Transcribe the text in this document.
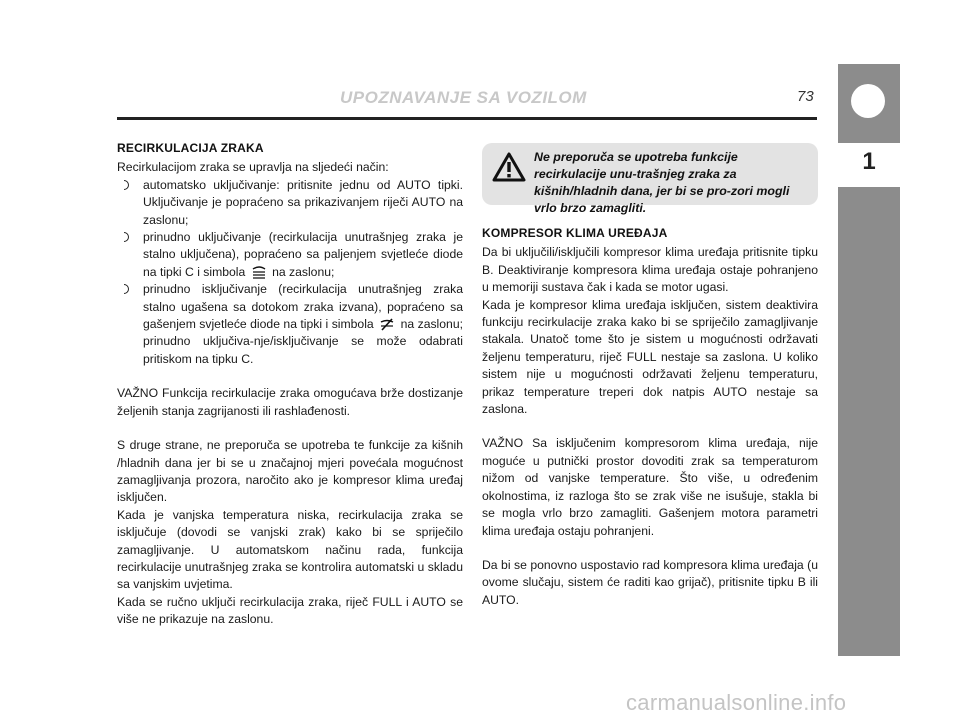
UPOZNAVANJE SA VOZILOM	73
1
RECIRKULACIJA ZRAKA

Recirkulacijom zraka se upravlja na sljedeći način:

automatsko uključivanje: pritisnite jednu od AUTO tipki. Uključivanje je popraćeno sa prikazivanjem riječi AUTO na zaslonu;
prinudno uključivanje (recirkulacija unutrašnjeg zraka je stalno uključena), popraćeno sa paljenjem svjetleće diode na tipki C i simbola na zaslonu;
prinudno isključivanje (recirkulacija unutrašnjeg zraka stalno ugašena sa dotokom zraka izvana), popraćeno sa gašenjem svjetleće diode na tipki i simbola na zaslonu; prinudno uključiva-nje/isključivanje se može odabrati pritiskom na tipku C.

VAŽNO Funkcija recirkulacije zraka omogućava brže dostizanje željenih stanja zagrijanosti ili rashlađenosti.

S druge strane, ne preporuča se upotreba te funkcije za kišnih /hladnih dana jer bi se u značajnoj mjeri povećala mogućnost zamagljivanja prozora, naročito ako je kompresor klima uređaj isključen.

Kada je vanjska temperatura niska, recirkulacija zraka se isključuje (dovodi se vanjski zrak) kako bi se spriječilo zamagljivanje. U automatskom načinu rada, funkcija recirkulacije unutrašnjeg zraka se kontrolira automatski u skladu sa vanjskim uvjetima.

Kada se ručno uključi recirkulacija zraka, riječ FULL i AUTO se više ne prikazuje na zaslonu.

Ne preporuča se upotreba funkcije recirkulacije unu-trašnjeg zraka za kišnih/hladnih dana, jer bi se pro-zori mogli vrlo brzo zamagliti.
KOMPRESOR KLIMA UREĐAJA

Da bi uključili/isključili kompresor klima uređaja pritisnite tipku B. Deaktiviranje kompresora klima uređaja ostaje pohranjeno u memoriji sustava čak i kada se motor ugasi.

Kada je kompresor klima uređaja isključen, sistem deaktivira funkciju recirkulacije zraka kako bi se spriječilo zamagljivanje stakala. Unatoč tome što je sistem u mogućnosti održavati željenu temperaturu, riječ FULL nestaje sa zaslona. U koliko sistem nije u mogućnosti održavati željenu temperaturu, prikaz temperature treperi dok natpis AUTO nestaje sa zaslona.

VAŽNO Sa isključenim kompresorom klima uređaja, nije moguće u putnički prostor dovoditi zrak sa temperaturom nižom od vanjske temperature. Što više, u određenim okolnostima, iz razloga što se zrak više ne isušuje, stakla bi se mogla vrlo brzo zamagliti. Gašenjem motora parametri klima uređaja ostaju pohranjeni.

Da bi se ponovno uspostavio rad kompresora klima uređaja (u ovome slučaju, sistem će raditi kao grijač), pritisnite tipku B ili AUTO.

carmanualsonline.info
